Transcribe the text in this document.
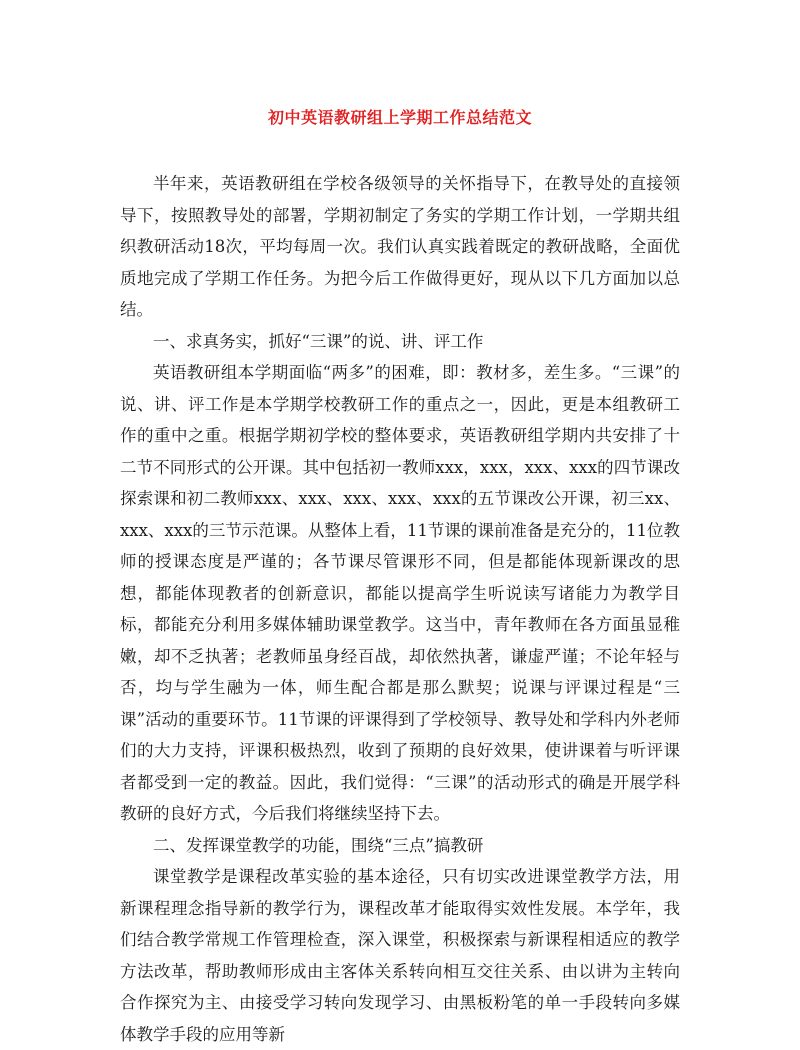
初中英语教研组上学期工作总结范文

半年来，英语教研组在学校各级领导的关怀指导下，在教导处的直接领导下，按照教导处的部署，学期初制定了务实的学期工作计划，一学期共组织教研活动18次，平均每周一次。我们认真实践着既定的教研战略，全面优质地完成了学期工作任务。为把今后工作做得更好，现从以下几方面加以总结。

一、求真务实，抓好“三课”的说、讲、评工作

英语教研组本学期面临“两多”的困难，即：教材多，差生多。“三课”的说、讲、评工作是本学期学校教研工作的重点之一，因此，更是本组教研工作的重中之重。根据学期初学校的整体要求，英语教研组学期内共安排了十二节不同形式的公开课。其中包括初一教师xxx，xxx，xxx、xxx的四节课改探索课和初二教师xxx、xxx、xxx、xxx、xxx的五节课改公开课，初三xx、xxx、xxx的三节示范课。从整体上看，11节课的课前准备是充分的，11位教师的授课态度是严谨的；各节课尽管课形不同，但是都能体现新课改的思想，都能体现教者的创新意识，都能以提高学生听说读写诸能力为教学目标，都能充分利用多媒体辅助课堂教学。这当中，青年教师在各方面虽显稚嫩，却不乏执著；老教师虽身经百战，却依然执著，谦虚严谨；不论年轻与否，均与学生融为一体，师生配合都是那么默契；说课与评课过程是“三课”活动的重要环节。11节课的评课得到了学校领导、教导处和学科内外老师们的大力支持，评课积极热烈，收到了预期的良好效果，使讲课着与听评课者都受到一定的教益。因此，我们觉得：“三课”的活动形式的确是开展学科教研的良好方式，今后我们将继续坚持下去。

二、发挥课堂教学的功能，围绕“三点”搞教研

课堂教学是课程改革实验的基本途径，只有切实改进课堂教学方法，用新课程理念指导新的教学行为，课程改革才能取得实效性发展。本学年，我们结合教学常规工作管理检查，深入课堂，积极探索与新课程相适应的教学方法改革，帮助教师形成由主客体关系转向相互交往关系、由以讲为主转向合作探究为主、由接受学习转向发现学习、由黑板粉笔的单一手段转向多媒体教学手段的应用等新
